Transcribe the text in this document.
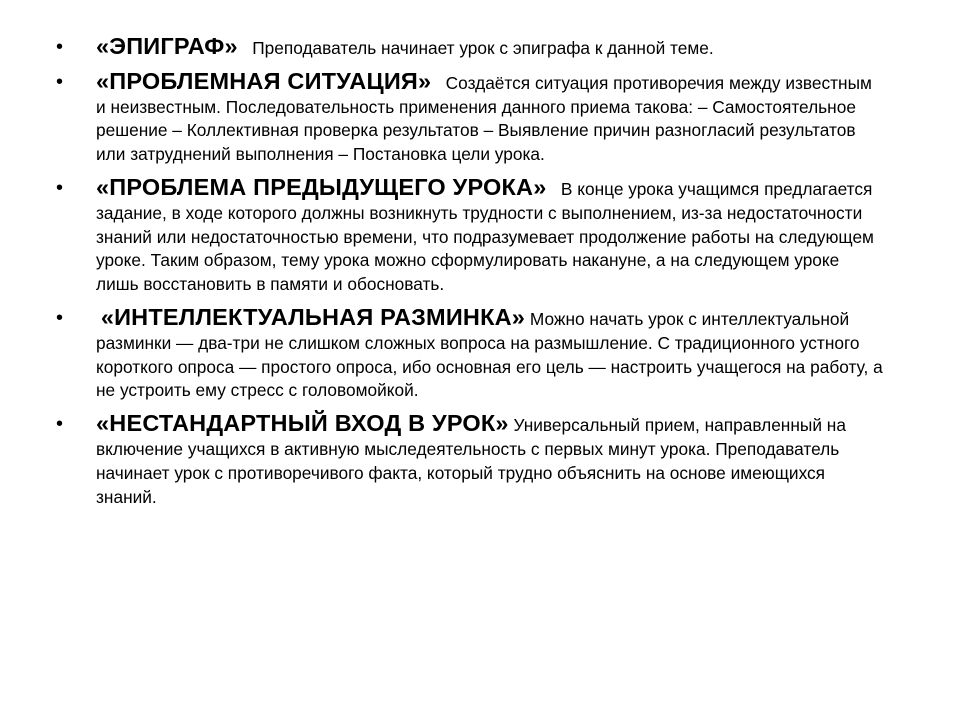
• «ЭПИГРАФ» Преподаватель начинает урок с эпиграфа к данной теме.
• «ПРОБЛЕМНАЯ СИТУАЦИЯ» Создаётся ситуация противоречия между известным и неизвестным. Последовательность применения данного приема такова: – Самостоятельное решение – Коллективная проверка результатов – Выявление причин разногласий результатов или затруднений выполнения – Постановка цели урока.
• «ПРОБЛЕМА ПРЕДЫДУЩЕГО УРОКА» В конце урока учащимся предлагается задание, в ходе которого должны возникнуть трудности с выполнением, из-за недостаточности знаний или недостаточностью времени, что подразумевает продолжение работы на следующем уроке. Таким образом, тему урока можно сформулировать накануне, а на следующем уроке лишь восстановить в памяти и обосновать.
• «ИНТЕЛЛЕКТУАЛЬНАЯ РАЗМИНКА» Можно начать урок с интеллектуальной разминки — два-три не слишком сложных вопроса на размышление. С традиционного устного короткого опроса — простого опроса, ибо основная его цель — настроить учащегося на работу, а не устроить ему стресс с головомойкой.
• «НЕСТАНДАРТНЫЙ ВХОД В УРОК» Универсальный прием, направленный на включение учащихся в активную мыследеятельность с первых минут урока. Преподаватель начинает урок с противоречивого факта, который трудно объяснить на основе имеющихся знаний.
